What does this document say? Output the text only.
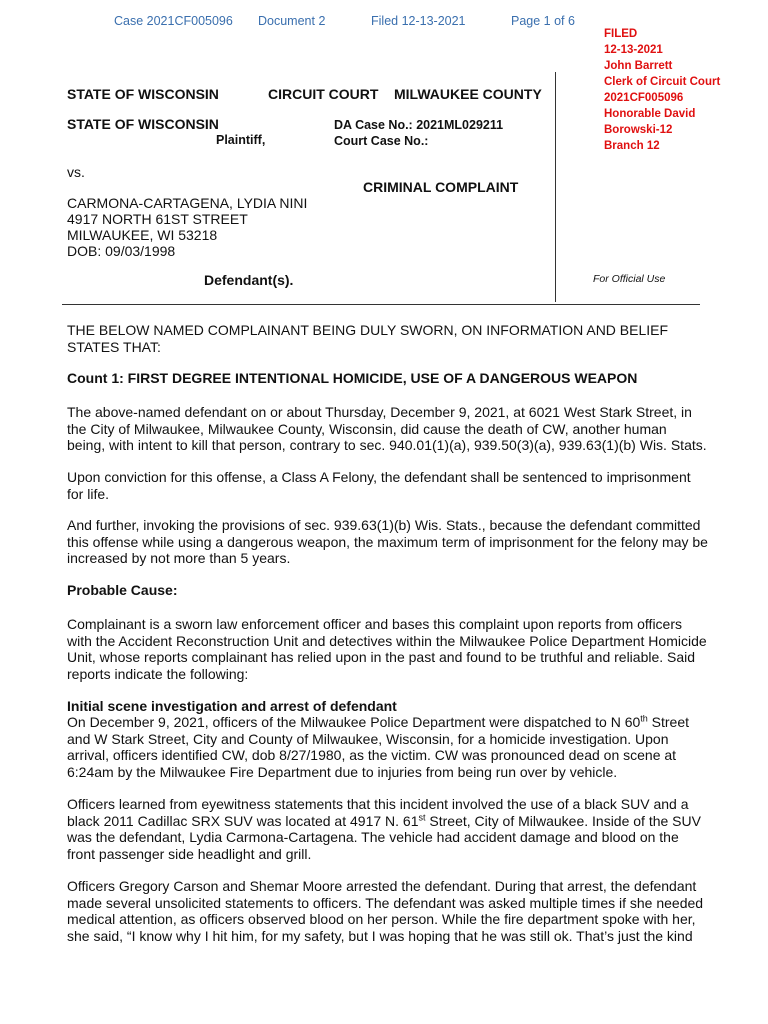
Case 2021CF005096 Document 2	Filed 12-13-2021	Page 1 of 6
FILED
12-13-2021
John Barrett
Clerk of Circuit Court
2021CF005096
Honorable David
Borowski-12
Branch 12
STATE OF WISCONSIN	CIRCUIT COURT MILWAUKEE COUNTY
STATE OF WISCONSIN
Plaintiff,
DA Case No.: 2021ML029211
Court Case No.:
vs.
CRIMINAL COMPLAINT
CARMONA-CARTAGENA, LYDIA NINI
4917 NORTH 61ST STREET
MILWAUKEE, WI 53218
DOB: 09/03/1998
Defendant(s).	For Official Use
THE BELOW NAMED COMPLAINANT BEING DULY SWORN, ON INFORMATION AND BELIEF
STATES THAT:
Count 1: FIRST DEGREE INTENTIONAL HOMICIDE, USE OF A DANGEROUS WEAPON
The above-named defendant on or about Thursday, December 9, 2021, at 6021 West Stark Street, in
the City of Milwaukee, Milwaukee County, Wisconsin, did cause the death of CW, another human
being, with intent to kill that person, contrary to sec. 940.01(1)(a), 939.50(3)(a), 939.63(1)(b) Wis. Stats.
Upon conviction for this offense, a Class A Felony, the defendant shall be sentenced to imprisonment
for life.
And further, invoking the provisions of sec. 939.63(1)(b) Wis. Stats., because the defendant committed
this offense while using a dangerous weapon, the maximum term of imprisonment for the felony may be
increased by not more than 5 years.
Probable Cause:
Complainant is a sworn law enforcement officer and bases this complaint upon reports from officers
with the Accident Reconstruction Unit and detectives within the Milwaukee Police Department Homicide
Unit, whose reports complainant has relied upon in the past and found to be truthful and reliable. Said
reports indicate the following:
Initial scene investigation and arrest of defendant
On December 9, 2021, officers of the Milwaukee Police Department were dispatched to N 60th Street
and W Stark Street, City and County of Milwaukee, Wisconsin, for a homicide investigation. Upon
arrival, officers identified CW, dob 8/27/1980, as the victim. CW was pronounced dead on scene at
6:24am by the Milwaukee Fire Department due to injuries from being run over by vehicle.
Officers learned from eyewitness statements that this incident involved the use of a black SUV and a
black 2011 Cadillac SRX SUV was located at 4917 N. 61st Street, City of Milwaukee. Inside of the SUV
was the defendant, Lydia Carmona-Cartagena. The vehicle had accident damage and blood on the
front passenger side headlight and grill.
Officers Gregory Carson and Shemar Moore arrested the defendant. During that arrest, the defendant
made several unsolicited statements to officers. The defendant was asked multiple times if she needed
medical attention, as officers observed blood on her person. While the fire department spoke with her,
she said, “I know why I hit him, for my safety, but I was hoping that he was still ok. That’s just the kind
